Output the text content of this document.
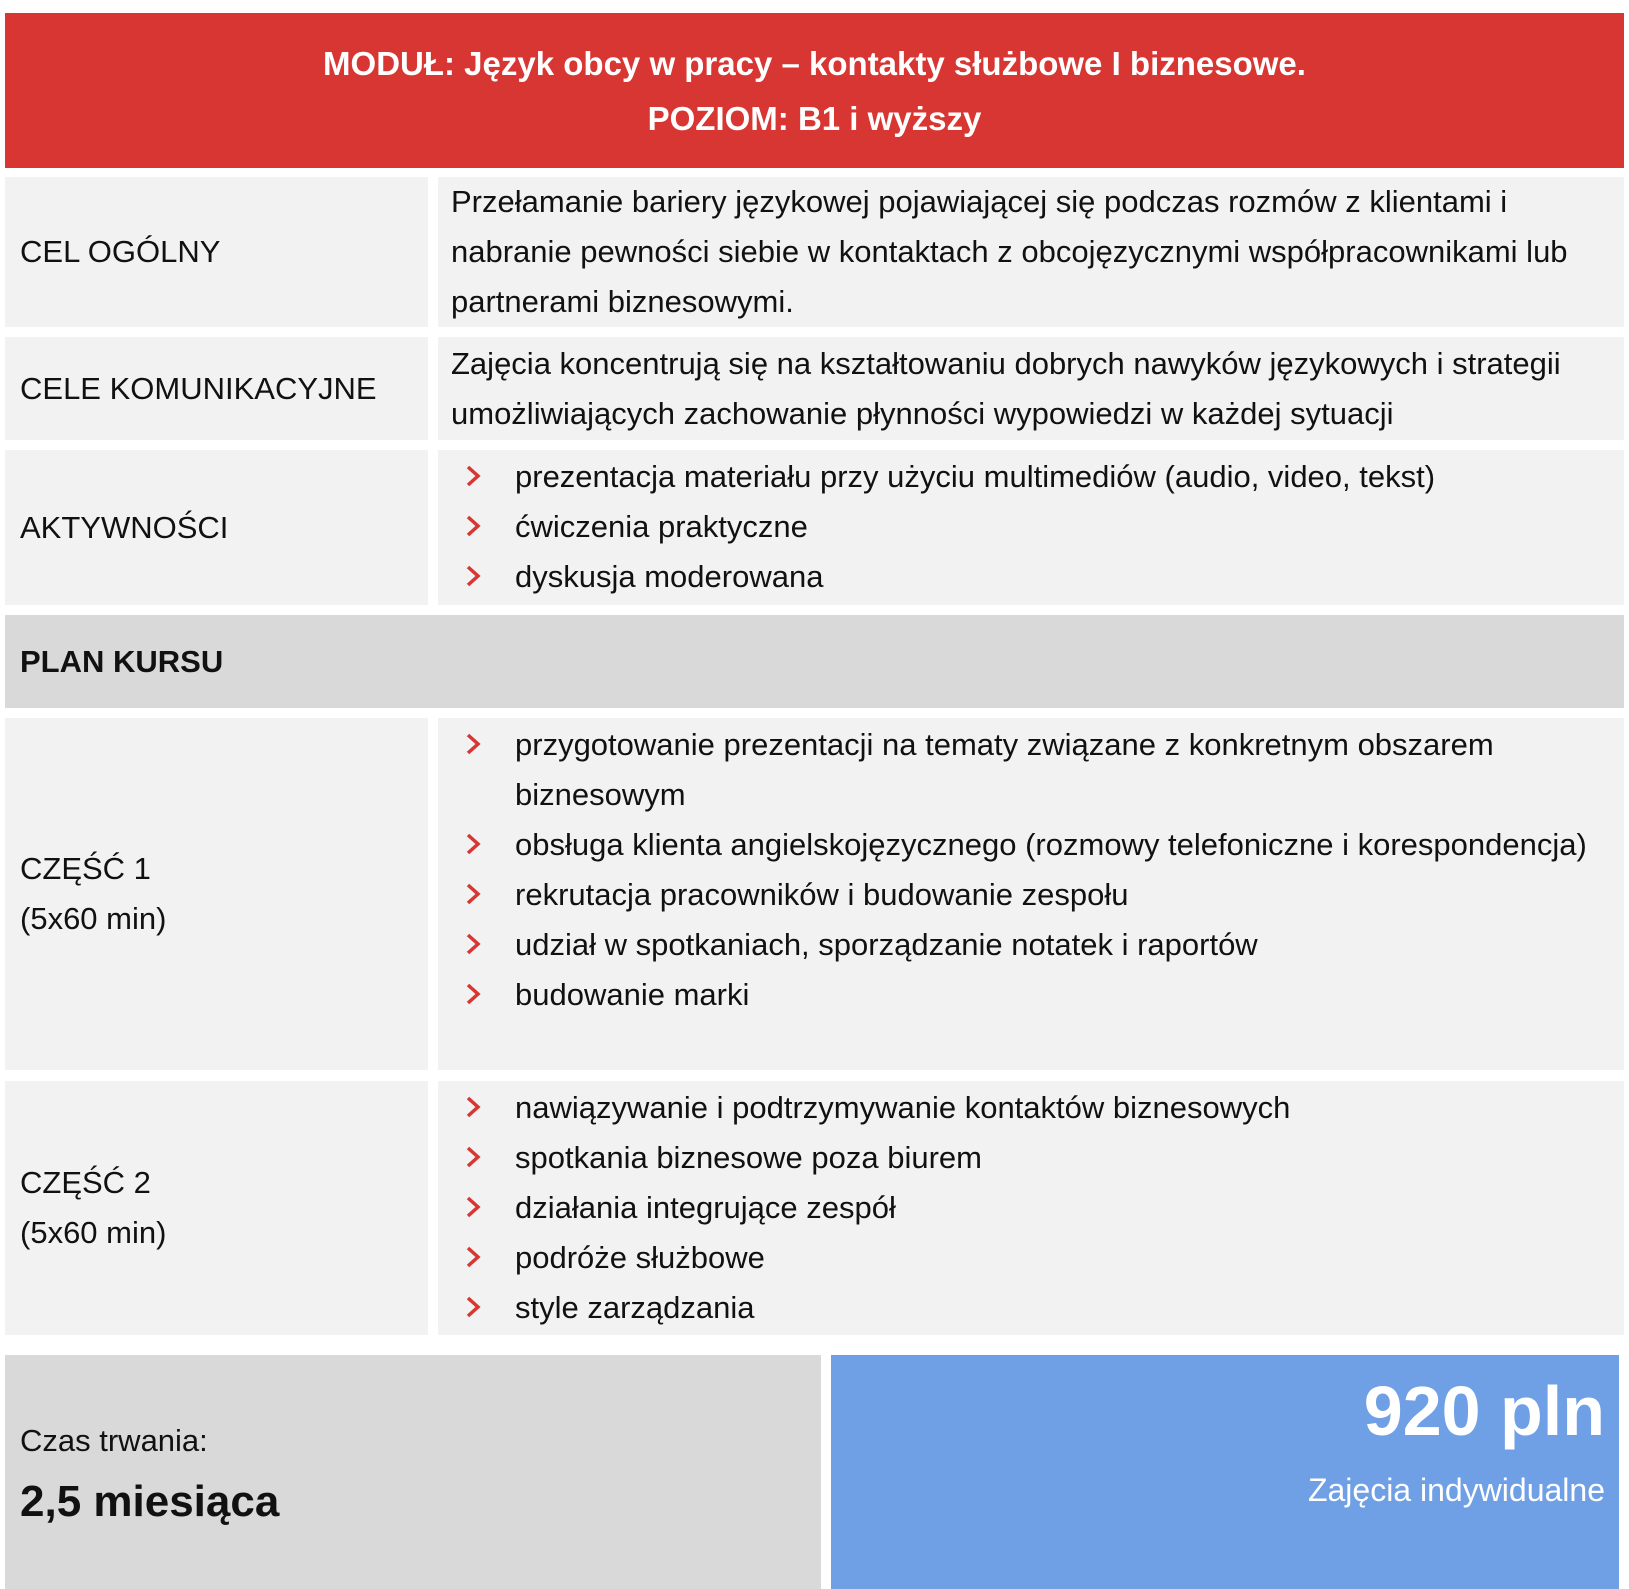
MODUŁ: Język obcy w pracy – kontakty służbowe I biznesowe.
POZIOM: B1 i wyższy
CEL OGÓLNY
Przełamanie bariery językowej pojawiającej się podczas rozmów z klientami i nabranie pewności siebie w kontaktach z obcojęzycznymi współpracownikami lub partnerami biznesowymi.
CELE KOMUNIKACYJNE
Zajęcia koncentrują się na kształtowaniu dobrych nawyków językowych i strategii umożliwiających zachowanie płynności wypowiedzi w każdej sytuacji
AKTYWNOŚCI
prezentacja materiału przy użyciu multimediów (audio, video, tekst)
ćwiczenia praktyczne
dyskusja moderowana
PLAN KURSU
CZĘŚĆ 1
(5x60 min)
przygotowanie prezentacji na tematy związane z konkretnym obszarem biznesowym
obsługa klienta angielskojęzycznego (rozmowy telefoniczne i korespondencja)
rekrutacja pracowników i budowanie zespołu
udział w spotkaniach, sporządzanie notatek i raportów
budowanie marki
CZĘŚĆ 2
(5x60 min)
nawiązywanie i podtrzymywanie kontaktów biznesowych
spotkania biznesowe poza biurem
działania integrujące zespół
podróże służbowe
style zarządzania
Czas trwania:
2,5 miesiąca
920 pln
Zajęcia indywidualne
